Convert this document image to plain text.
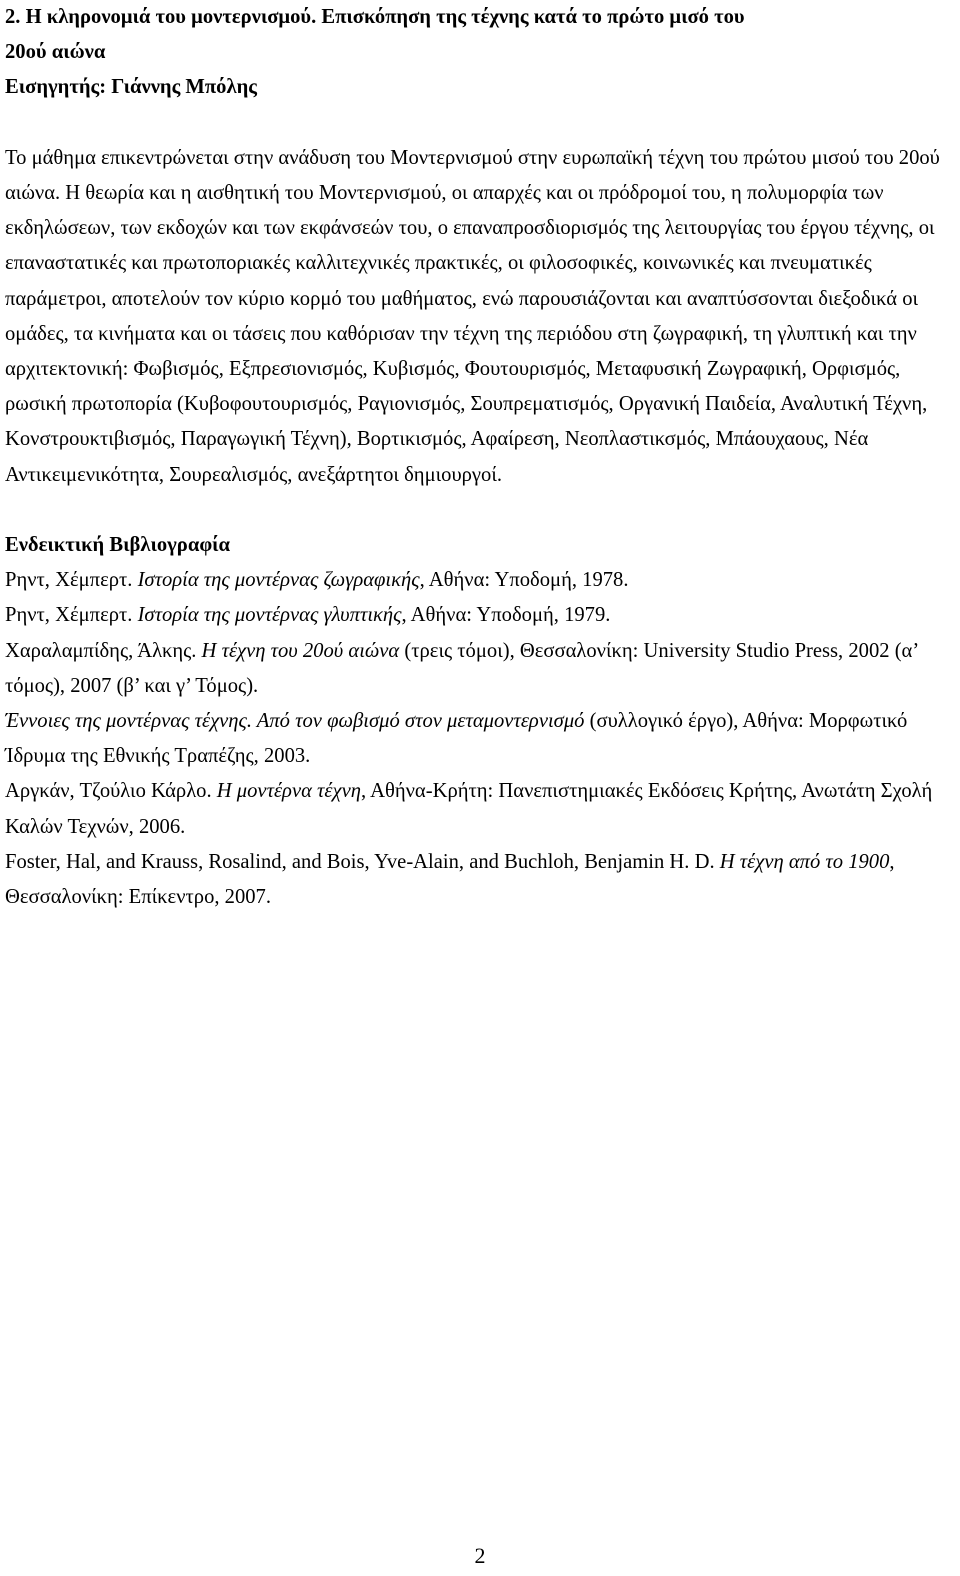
2. Η κληρονομιά του μοντερνισμού. Επισκόπηση της τέχνης κατά το πρώτο μισό του
20ού αιώνα
Εισηγητής: Γιάννης Μπόλης

Το μάθημα επικεντρώνεται στην ανάδυση του Μοντερνισμού στην ευρωπαϊκή τέχνη του πρώτου μισού του 20ού αιώνα. Η θεωρία και η αισθητική του Μοντερνισμού, οι απαρχές και οι πρόδρομοί του, η πολυμορφία των εκδηλώσεων, των εκδοχών και των εκφάνσεών του, ο επαναπροσδιορισμός της λειτουργίας του έργου τέχνης, οι επαναστατικές και πρωτοποριακές καλλιτεχνικές πρακτικές, οι φιλοσοφικές, κοινωνικές και πνευματικές παράμετροι, αποτελούν τον κύριο κορμό του μαθήματος, ενώ παρουσιάζονται και αναπτύσσονται διεξοδικά οι ομάδες, τα κινήματα και οι τάσεις που καθόρισαν την τέχνη της περιόδου στη ζωγραφική, τη γλυπτική και την αρχιτεκτονική: Φωβισμός, Εξπρεσιονισμός, Κυβισμός, Φουτουρισμός, Μεταφυσική Ζωγραφική, Ορφισμός, ρωσική πρωτοπορία (Κυβοφουτουρισμός, Ραγιονισμός, Σουπρεματισμός, Οργανική Παιδεία, Αναλυτική Τέχνη, Κονστρουκτιβισμός, Παραγωγική Τέχνη), Βορτικισμός, Αφαίρεση, Νεοπλαστικσμός, Μπάουχαους, Νέα Αντικειμενικότητα, Σουρεαλισμός, ανεξάρτητοι δημιουργοί.

Ενδεικτική Βιβλιογραφία

Ρηντ, Χέμπερτ. Ιστορία της μοντέρνας ζωγραφικής, Αθήνα: Υποδομή, 1978.

Ρηντ, Χέμπερτ. Ιστορία της μοντέρνας γλυπτικής, Αθήνα: Υποδομή, 1979.

Χαραλαμπίδης, Άλκης. Η τέχνη του 20ού αιώνα (τρεις τόμοι), Θεσσαλονίκη: University Studio Press, 2002 (α’ τόμος), 2007 (β’ και γ’ Τόμος).

Έννοιες της μοντέρνας τέχνης. Από τον φωβισμό στον μεταμοντερνισμό (συλλογικό έργο), Αθήνα: Μορφωτικό Ίδρυμα της Εθνικής Τραπέζης, 2003.

Αργκάν, Τζούλιο Κάρλο. Η μοντέρνα τέχνη, Αθήνα-Κρήτη: Πανεπιστημιακές Εκδόσεις Κρήτης, Ανωτάτη Σχολή Καλών Τεχνών, 2006.

Foster, Hal, and Krauss, Rosalind, and Bois, Yve-Alain, and Buchloh, Benjamin H. D. Η τέχνη από το 1900, Θεσσαλονίκη: Επίκεντρο, 2007.

2
